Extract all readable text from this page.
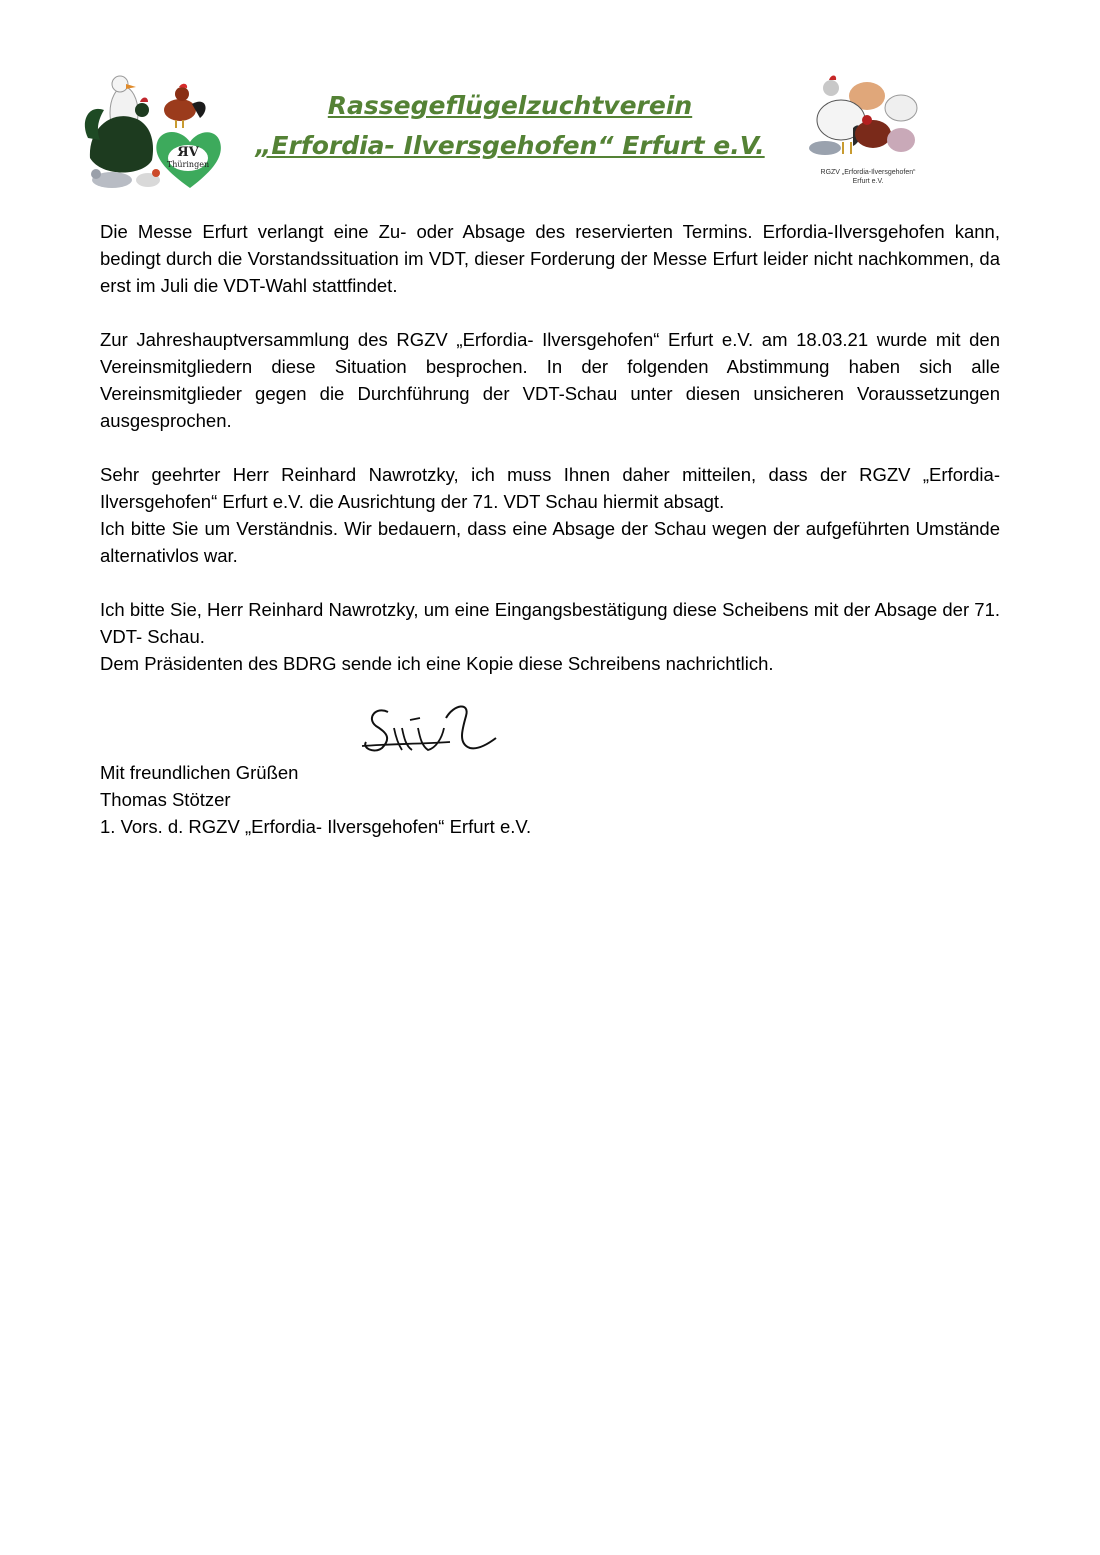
ЯV
Thüringen
Rassegeflügelzuchtverein
„Erfordia- Ilversgehofen“ Erfurt e.V.
RGZV „Erfordia-Ilversgehofen“
Erfurt e.V.

Die Messe Erfurt verlangt eine Zu- oder Absage des reservierten Termins. Erfordia-Ilversgehofen kann, bedingt durch die Vorstandssituation im VDT, dieser Forderung der Messe Erfurt leider nicht nachkommen, da erst im Juli die VDT-Wahl stattfindet.

Zur Jahreshauptversammlung des RGZV „Erfordia- Ilversgehofen“ Erfurt e.V. am 18.03.21 wurde mit den Vereinsmitgliedern diese Situation besprochen. In der folgenden Abstimmung haben sich alle Vereinsmitglieder gegen die Durchführung der VDT-Schau unter diesen unsicheren Voraussetzungen ausgesprochen.

Sehr geehrter Herr Reinhard Nawrotzky, ich muss Ihnen daher mitteilen, dass der RGZV „Erfordia- Ilversgehofen“ Erfurt e.V. die Ausrichtung der 71. VDT Schau hiermit absagt.

Ich bitte Sie um Verständnis. Wir bedauern, dass eine Absage der Schau wegen der aufgeführten Umstände alternativlos war.

Ich bitte Sie, Herr Reinhard Nawrotzky, um eine Eingangsbestätigung diese Scheibens mit der Absage der 71. VDT- Schau.

Dem Präsidenten des BDRG sende ich eine Kopie diese Schreibens nachrichtlich.

Mit freundlichen Grüßen
Thomas Stötzer
1. Vors. d. RGZV „Erfordia- Ilversgehofen“ Erfurt e.V.
